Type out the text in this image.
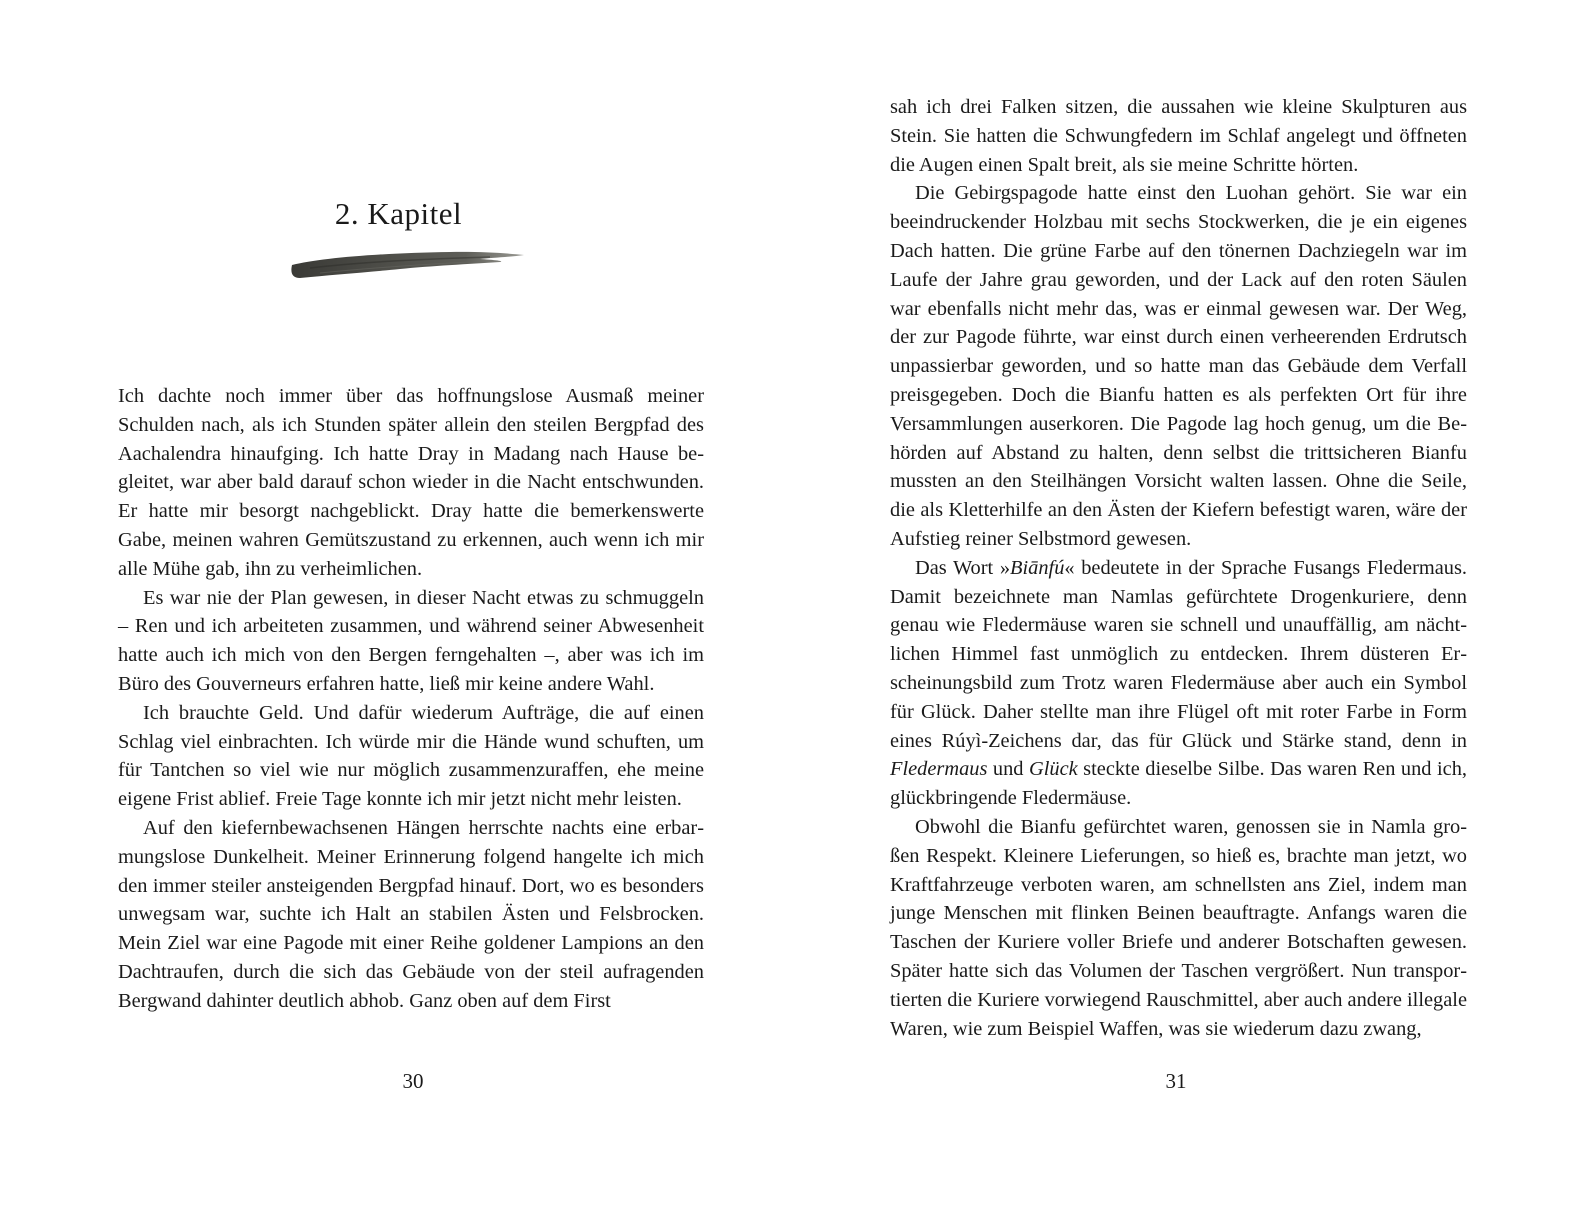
2. Kapitel

Ich dachte noch immer über das hoffnungslose Ausmaß meiner Schulden nach, als ich Stunden später allein den steilen Bergpfad des Aachalendra hinaufging. Ich hatte Dray in Madang nach Hause begleitet, war aber bald darauf schon wieder in die Nacht entschwunden. Er hatte mir besorgt nachgeblickt. Dray hatte die bemerkenswerte Gabe, meinen wahren Gemütszustand zu erkennen, auch wenn ich mir alle Mühe gab, ihn zu verheimlichen.

Es war nie der Plan gewesen, in dieser Nacht etwas zu schmuggeln – Ren und ich arbeiteten zusammen, und während seiner Abwesenheit hatte auch ich mich von den Bergen ferngehalten –, aber was ich im Büro des Gouverneurs erfahren hatte, ließ mir keine andere Wahl.

Ich brauchte Geld. Und dafür wiederum Aufträge, die auf einen Schlag viel einbrachten. Ich würde mir die Hände wund schuften, um für Tantchen so viel wie nur möglich zusammenzuraffen, ehe meine eigene Frist ablief. Freie Tage konnte ich mir jetzt nicht mehr leisten.

Auf den kiefernbewachsenen Hängen herrschte nachts eine erbarmungslose Dunkelheit. Meiner Erinnerung folgend hangelte ich mich den immer steiler ansteigenden Bergpfad hinauf. Dort, wo es besonders unwegsam war, suchte ich Halt an stabilen Ästen und Felsbrocken. Mein Ziel war eine Pagode mit einer Reihe goldener Lampions an den Dachtraufen, durch die sich das Gebäude von der steil aufragenden Bergwand dahinter deutlich abhob. Ganz oben auf dem First

30

sah ich drei Falken sitzen, die aussahen wie kleine Skulpturen aus Stein. Sie hatten die Schwungfedern im Schlaf angelegt und öffneten die Augen einen Spalt breit, als sie meine Schritte hörten.

Die Gebirgspagode hatte einst den Luohan gehört. Sie war ein beeindruckender Holzbau mit sechs Stockwerken, die je ein eigenes Dach hatten. Die grüne Farbe auf den tönernen Dachziegeln war im Laufe der Jahre grau geworden, und der Lack auf den roten Säulen war ebenfalls nicht mehr das, was er einmal gewesen war. Der Weg, der zur Pagode führte, war einst durch einen verheerenden Erdrutsch unpassierbar geworden, und so hatte man das Gebäude dem Verfall preisgegeben. Doch die Bianfu hatten es als perfekten Ort für ihre Versammlungen auserkoren. Die Pagode lag hoch genug, um die Behörden auf Abstand zu halten, denn selbst die trittsicheren Bianfu mussten an den Steilhängen Vorsicht walten lassen. Ohne die Seile, die als Kletterhilfe an den Ästen der Kiefern befestigt waren, wäre der Aufstieg reiner Selbstmord gewesen.

Das Wort »Biānfú« bedeutete in der Sprache Fusangs Fledermaus. Damit bezeichnete man Namlas gefürchtete Drogenkuriere, denn genau wie Fledermäuse waren sie schnell und unauffällig, am nächtlichen Himmel fast unmöglich zu entdecken. Ihrem düsteren Erscheinungsbild zum Trotz waren Fledermäuse aber auch ein Symbol für Glück. Daher stellte man ihre Flügel oft mit roter Farbe in Form eines Rúyì-Zeichens dar, das für Glück und Stärke stand, denn in Fledermaus und Glück steckte dieselbe Silbe. Das waren Ren und ich, glückbringende Fledermäuse.

Obwohl die Bianfu gefürchtet waren, genossen sie in Namla großen Respekt. Kleinere Lieferungen, so hieß es, brachte man jetzt, wo Kraftfahrzeuge verboten waren, am schnellsten ans Ziel, indem man junge Menschen mit flinken Beinen beauftragte. Anfangs waren die Taschen der Kuriere voller Briefe und anderer Botschaften gewesen. Später hatte sich das Volumen der Taschen vergrößert. Nun transportierten die Kuriere vorwiegend Rauschmittel, aber auch andere illegale Waren, wie zum Beispiel Waffen, was sie wiederum dazu zwang,

31
